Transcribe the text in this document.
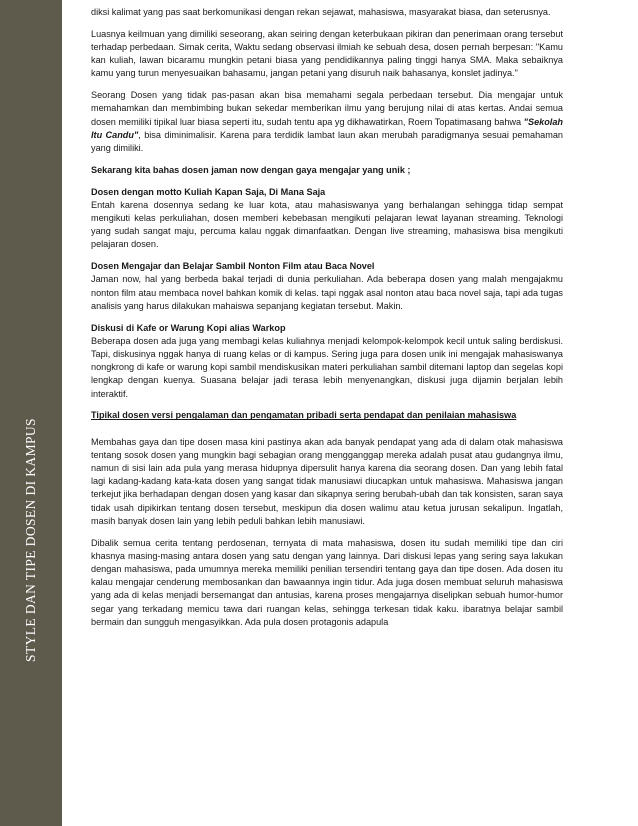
STYLE DAN TIPE DOSEN DI KAMPUS

diksi kalimat yang pas saat berkomunikasi dengan rekan sejawat, mahasiswa, masyarakat biasa, dan seterusnya.

Luasnya keilmuan yang dimiliki seseorang, akan seiring dengan keterbukaan pikiran dan penerimaan orang tersebut terhadap perbedaan. Simak cerita, Waktu sedang observasi ilmiah ke sebuah desa, dosen pernah berpesan: "Kamu kan kuliah, lawan bicaramu mungkin petani biasa yang pendidikannya paling tinggi hanya SMA. Maka sebaiknya kamu yang turun menyesuaikan bahasamu, jangan petani yang disuruh naik bahasanya, konslet jadinya."

Seorang Dosen yang tidak pas-pasan akan bisa memahami segala perbedaan tersebut. Dia mengajar untuk memahamkan dan membimbing bukan sekedar memberikan ilmu yang berujung nilai di atas kertas. Andai semua dosen memiliki tipikal luar biasa seperti itu, sudah tentu apa yg dikhawatirkan, Roem Topatimasang bahwa "Sekolah Itu Candu", bisa diminimalisir. Karena para terdidik lambat laun akan merubah paradigmanya sesuai pemahaman yang dimiliki.

Sekarang kita bahas dosen jaman now dengan gaya mengajar yang unik ;

Dosen dengan motto Kuliah Kapan Saja, Di Mana Saja

Entah karena dosennya sedang ke luar kota, atau mahasiswanya yang berhalangan sehingga tidap sempat mengikuti kelas perkuliahan, dosen memberi kebebasan mengikuti pelajaran lewat layanan streaming. Teknologi yang sudah sangat maju, percuma kalau nggak dimanfaatkan. Dengan live streaming, mahasiswa bisa mengikuti pelajaran dosen.

Dosen Mengajar dan Belajar Sambil Nonton Film atau Baca Novel

Jaman now, hal yang berbeda bakal terjadi di dunia perkuliahan. Ada beberapa dosen yang malah mengajakmu nonton film atau membaca novel bahkan komik di kelas. tapi nggak asal nonton atau baca novel saja, tapi ada tugas analisis yang harus dilakukan mahaiswa sepanjang kegiatan tersebut. Makin.

Diskusi di Kafe or Warung Kopi alias Warkop

Beberapa dosen ada juga yang membagi kelas kuliahnya menjadi kelompok-kelompok kecil untuk saling berdiskusi. Tapi, diskusinya nggak hanya di ruang kelas or di kampus. Sering juga para dosen unik ini mengajak mahasiswanya nongkrong di kafe or warung kopi sambil mendiskusikan materi perkuliahan sambil ditemani laptop dan segelas kopi lengkap dengan kuenya. Suasana belajar jadi terasa lebih menyenangkan, diskusi juga dijamin berjalan lebih interaktif.

Tipikal dosen versi pengalaman dan pengamatan pribadi serta pendapat dan penilaian mahasiswa

Membahas gaya dan tipe dosen masa kini pastinya akan ada banyak pendapat yang ada di dalam otak mahasiswa tentang sosok dosen yang mungkin bagi sebagian orang mengganggap mereka adalah pusat atau gudangnya ilmu, namun di sisi lain ada pula yang merasa hidupnya dipersulit hanya karena dia seorang dosen. Dan yang lebih fatal lagi kadang-kadang kata-kata dosen yang sangat tidak manusiawi diucapkan untuk mahasiswa. Mahasiswa jangan terkejut jika berhadapan dengan dosen yang kasar dan sikapnya sering berubah-ubah dan tak konsisten, saran saya tidak usah dipikirkan tentang dosen tersebut, meskipun dia dosen walimu atau ketua jurusan sekalipun. Ingatlah, masih banyak dosen lain yang lebih peduli bahkan lebih manusiawi.

Dibalik semua cerita tentang perdosenan, ternyata di mata mahasiswa, dosen itu sudah memiliki tipe dan ciri khasnya masing-masing antara dosen yang satu dengan yang lainnya. Dari diskusi lepas yang sering saya lakukan dengan mahasiswa, pada umumnya mereka memiliki penilian tersendiri tentang gaya dan tipe dosen. Ada dosen itu kalau mengajar cenderung membosankan dan bawaannya ingin tidur. Ada juga dosen membuat seluruh mahasiswa yang ada di kelas menjadi bersemangat dan antusias, karena proses mengajarnya diselipkan sebuah humor-humor segar yang terkadang memicu tawa dari ruangan kelas, sehingga terkesan tidak kaku. ibaratnya belajar sambil bermain dan sungguh mengasyikkan. Ada pula dosen protagonis adapula
